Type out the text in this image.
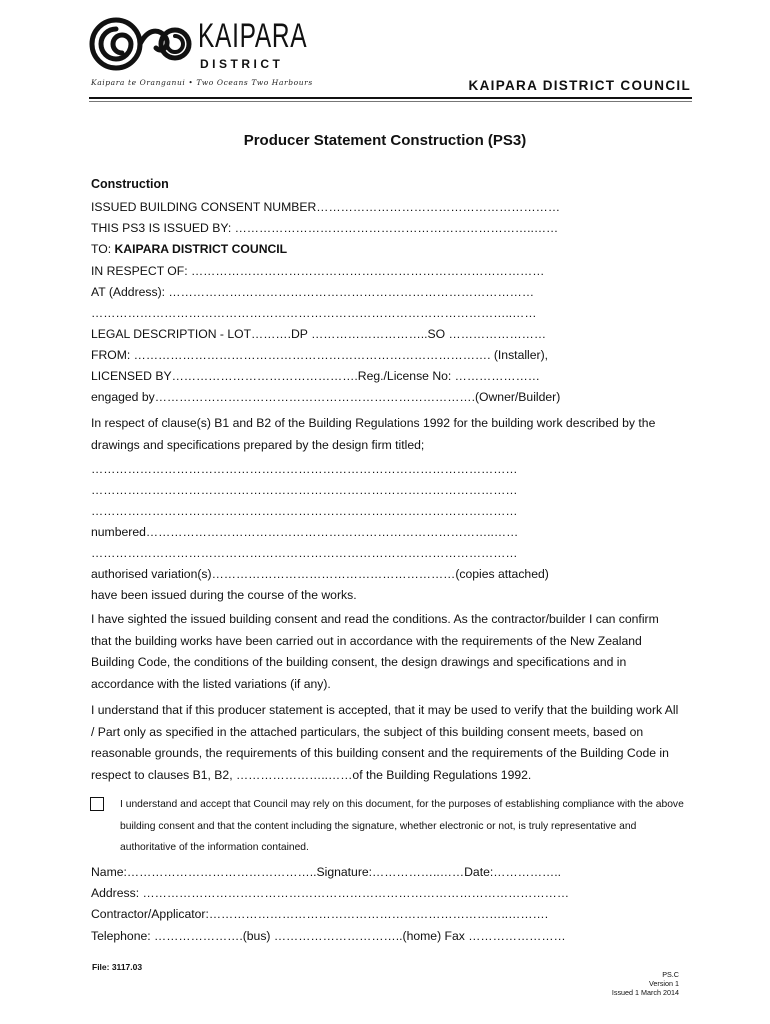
KAIPARA
DISTRICT
Kaipara te Oranganui • Two Oceans Two Harbours	KAIPARA DISTRICT COUNCIL
Producer Statement Construction (PS3)
Construction
ISSUED BUILDING CONSENT NUMBER……………………………………………………
THIS PS3 IS ISSUED BY: ………………………………………………………………..……
TO: KAIPARA DISTRICT COUNCIL
IN RESPECT OF: ……………………………………………………………………………
AT (Address): ………………………………………………………………………………
…………………………………………………………………………………………..……
LEGAL DESCRIPTION - LOT……….DP ………………………..SO ……………………
FROM: ……………………………………………………………………………. (Installer),
LICENSED BY……………………………………….Reg./License No: …………………
engaged by…………………………………………………………………….(Owner/Builder)
In respect of clause(s) B1 and B2 of the Building Regulations 1992 for the building work described by the drawings and specifications prepared by the design firm titled;
……………………………………………………………………………………………
……………………………………………………………………………………………
……………………………………………………………………………………………
numbered…………………………………………………………………………..……
……………………………………………………………………………………………
authorised variation(s)……………………………………………………(copies attached)
have been issued during the course of the works.
I have sighted the issued building consent and read the conditions. As the contractor/builder I can confirm that the building works have been carried out in accordance with the requirements of the New Zealand Building Code, the conditions of the building consent, the design drawings and specifications and in accordance with the listed variations (if any).
I understand that if this producer statement is accepted, that it may be used to verify that the building work All / Part only as specified in the attached particulars, the subject of this building consent meets, based on reasonable grounds, the requirements of this building consent and the requirements of the Building Code in respect to clauses B1, B2, …………………..……of the Building Regulations 1992.
I understand and accept that Council may rely on this document, for the purposes of establishing compliance with the above building consent and that the content including the signature, whether electronic or not, is truly representative and authoritative of the information contained.
Name:………………………………………..Signature:……………..……Date:……………..
Address: ……………………………………………………………………………………………
Contractor/Applicator:………………………………………………………………..……….
Telephone: ………………….(bus) …………………………..(home) Fax ……………………
File: 3117.03
PS.C
Version 1
Issued 1 March 2014
